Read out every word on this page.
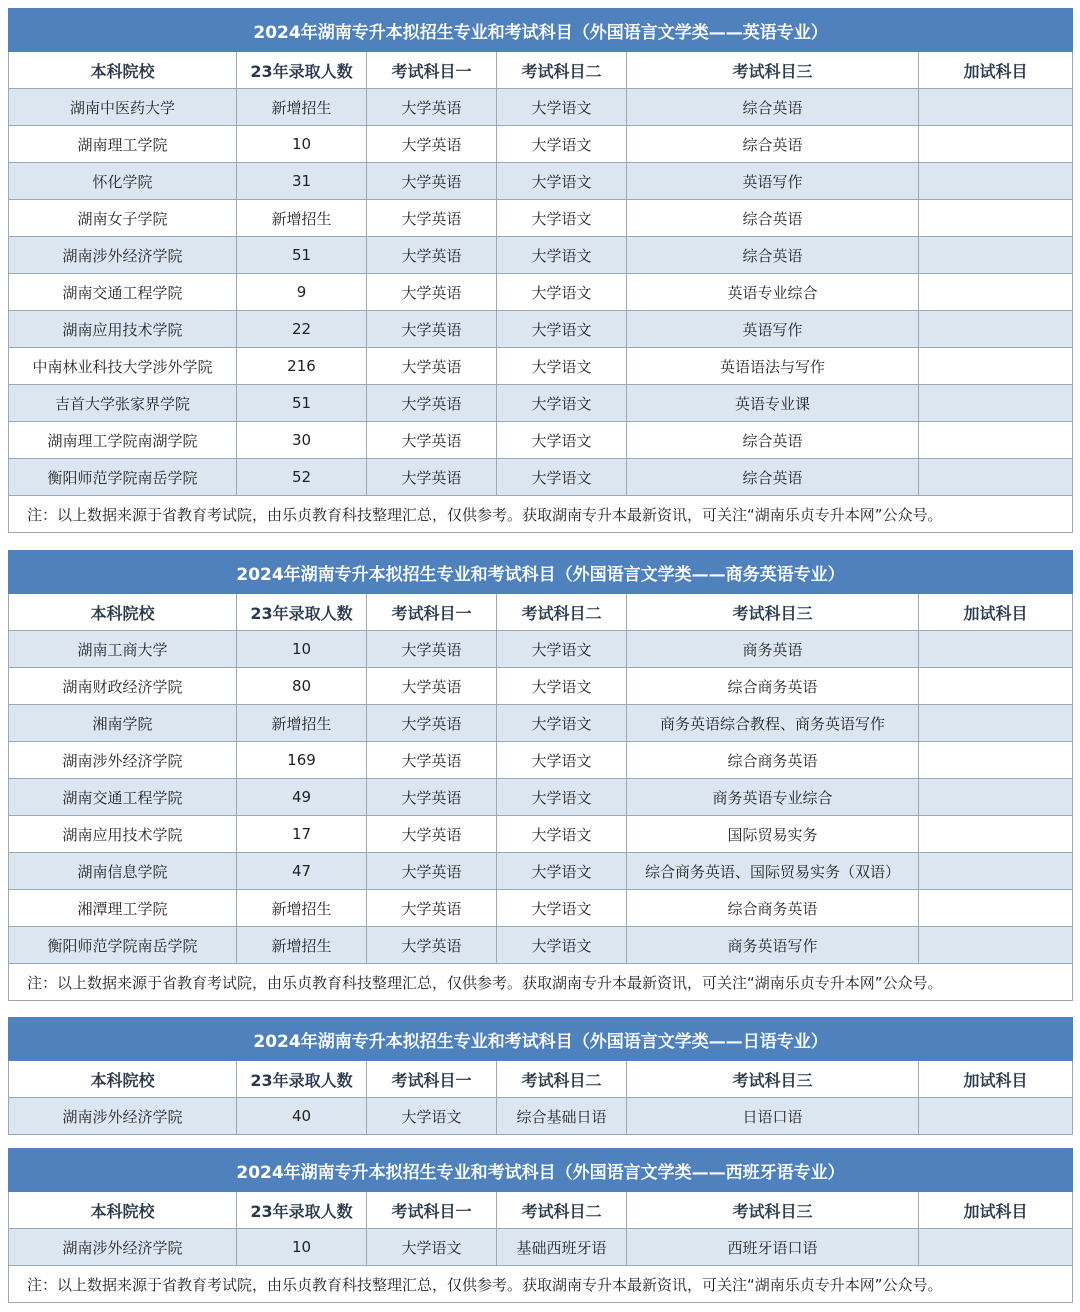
2024年湖南专升本拟招生专业和考试科目（外国语言文学类——英语专业）					
本科院校	23年录取人数	考试科目一	考试科目二	考试科目三	加试科目
湖南中医药大学	新增招生	大学英语	大学语文	综合英语	
湖南理工学院	10	大学英语	大学语文	综合英语	
怀化学院	31	大学英语	大学语文	英语写作	
湖南女子学院	新增招生	大学英语	大学语文	综合英语	
湖南涉外经济学院	51	大学英语	大学语文	综合英语	
湖南交通工程学院	9	大学英语	大学语文	英语专业综合	
湖南应用技术学院	22	大学英语	大学语文	英语写作	
中南林业科技大学涉外学院	216	大学英语	大学语文	英语语法与写作	
吉首大学张家界学院	51	大学英语	大学语文	英语专业课	
湖南理工学院南湖学院	30	大学英语	大学语文	综合英语	
衡阳师范学院南岳学院	52	大学英语	大学语文	综合英语	
注：以上数据来源于省教育考试院，由乐贞教育科技整理汇总，仅供参考。获取湖南专升本最新资讯，可关注“湖南乐贞专升本网”公众号。					
2024年湖南专升本拟招生专业和考试科目（外国语言文学类——商务英语专业）					
本科院校	23年录取人数	考试科目一	考试科目二	考试科目三	加试科目
湖南工商大学	10	大学英语	大学语文	商务英语	
湖南财政经济学院	80	大学英语	大学语文	综合商务英语	
湘南学院	新增招生	大学英语	大学语文	商务英语综合教程、商务英语写作	
湖南涉外经济学院	169	大学英语	大学语文	综合商务英语	
湖南交通工程学院	49	大学英语	大学语文	商务英语专业综合	
湖南应用技术学院	17	大学英语	大学语文	国际贸易实务	
湖南信息学院	47	大学英语	大学语文	综合商务英语、国际贸易实务（双语）	
湘潭理工学院	新增招生	大学英语	大学语文	综合商务英语	
衡阳师范学院南岳学院	新增招生	大学英语	大学语文	商务英语写作	
注：以上数据来源于省教育考试院，由乐贞教育科技整理汇总，仅供参考。获取湖南专升本最新资讯，可关注“湖南乐贞专升本网”公众号。					
2024年湖南专升本拟招生专业和考试科目（外国语言文学类——日语专业）					
本科院校	23年录取人数	考试科目一	考试科目二	考试科目三	加试科目
湖南涉外经济学院	40	大学语文	综合基础日语	日语口语	
2024年湖南专升本拟招生专业和考试科目（外国语言文学类——西班牙语专业）					
本科院校	23年录取人数	考试科目一	考试科目二	考试科目三	加试科目
湖南涉外经济学院	10	大学语文	基础西班牙语	西班牙语口语	
注：以上数据来源于省教育考试院，由乐贞教育科技整理汇总，仅供参考。获取湖南专升本最新资讯，可关注“湖南乐贞专升本网”公众号。					
